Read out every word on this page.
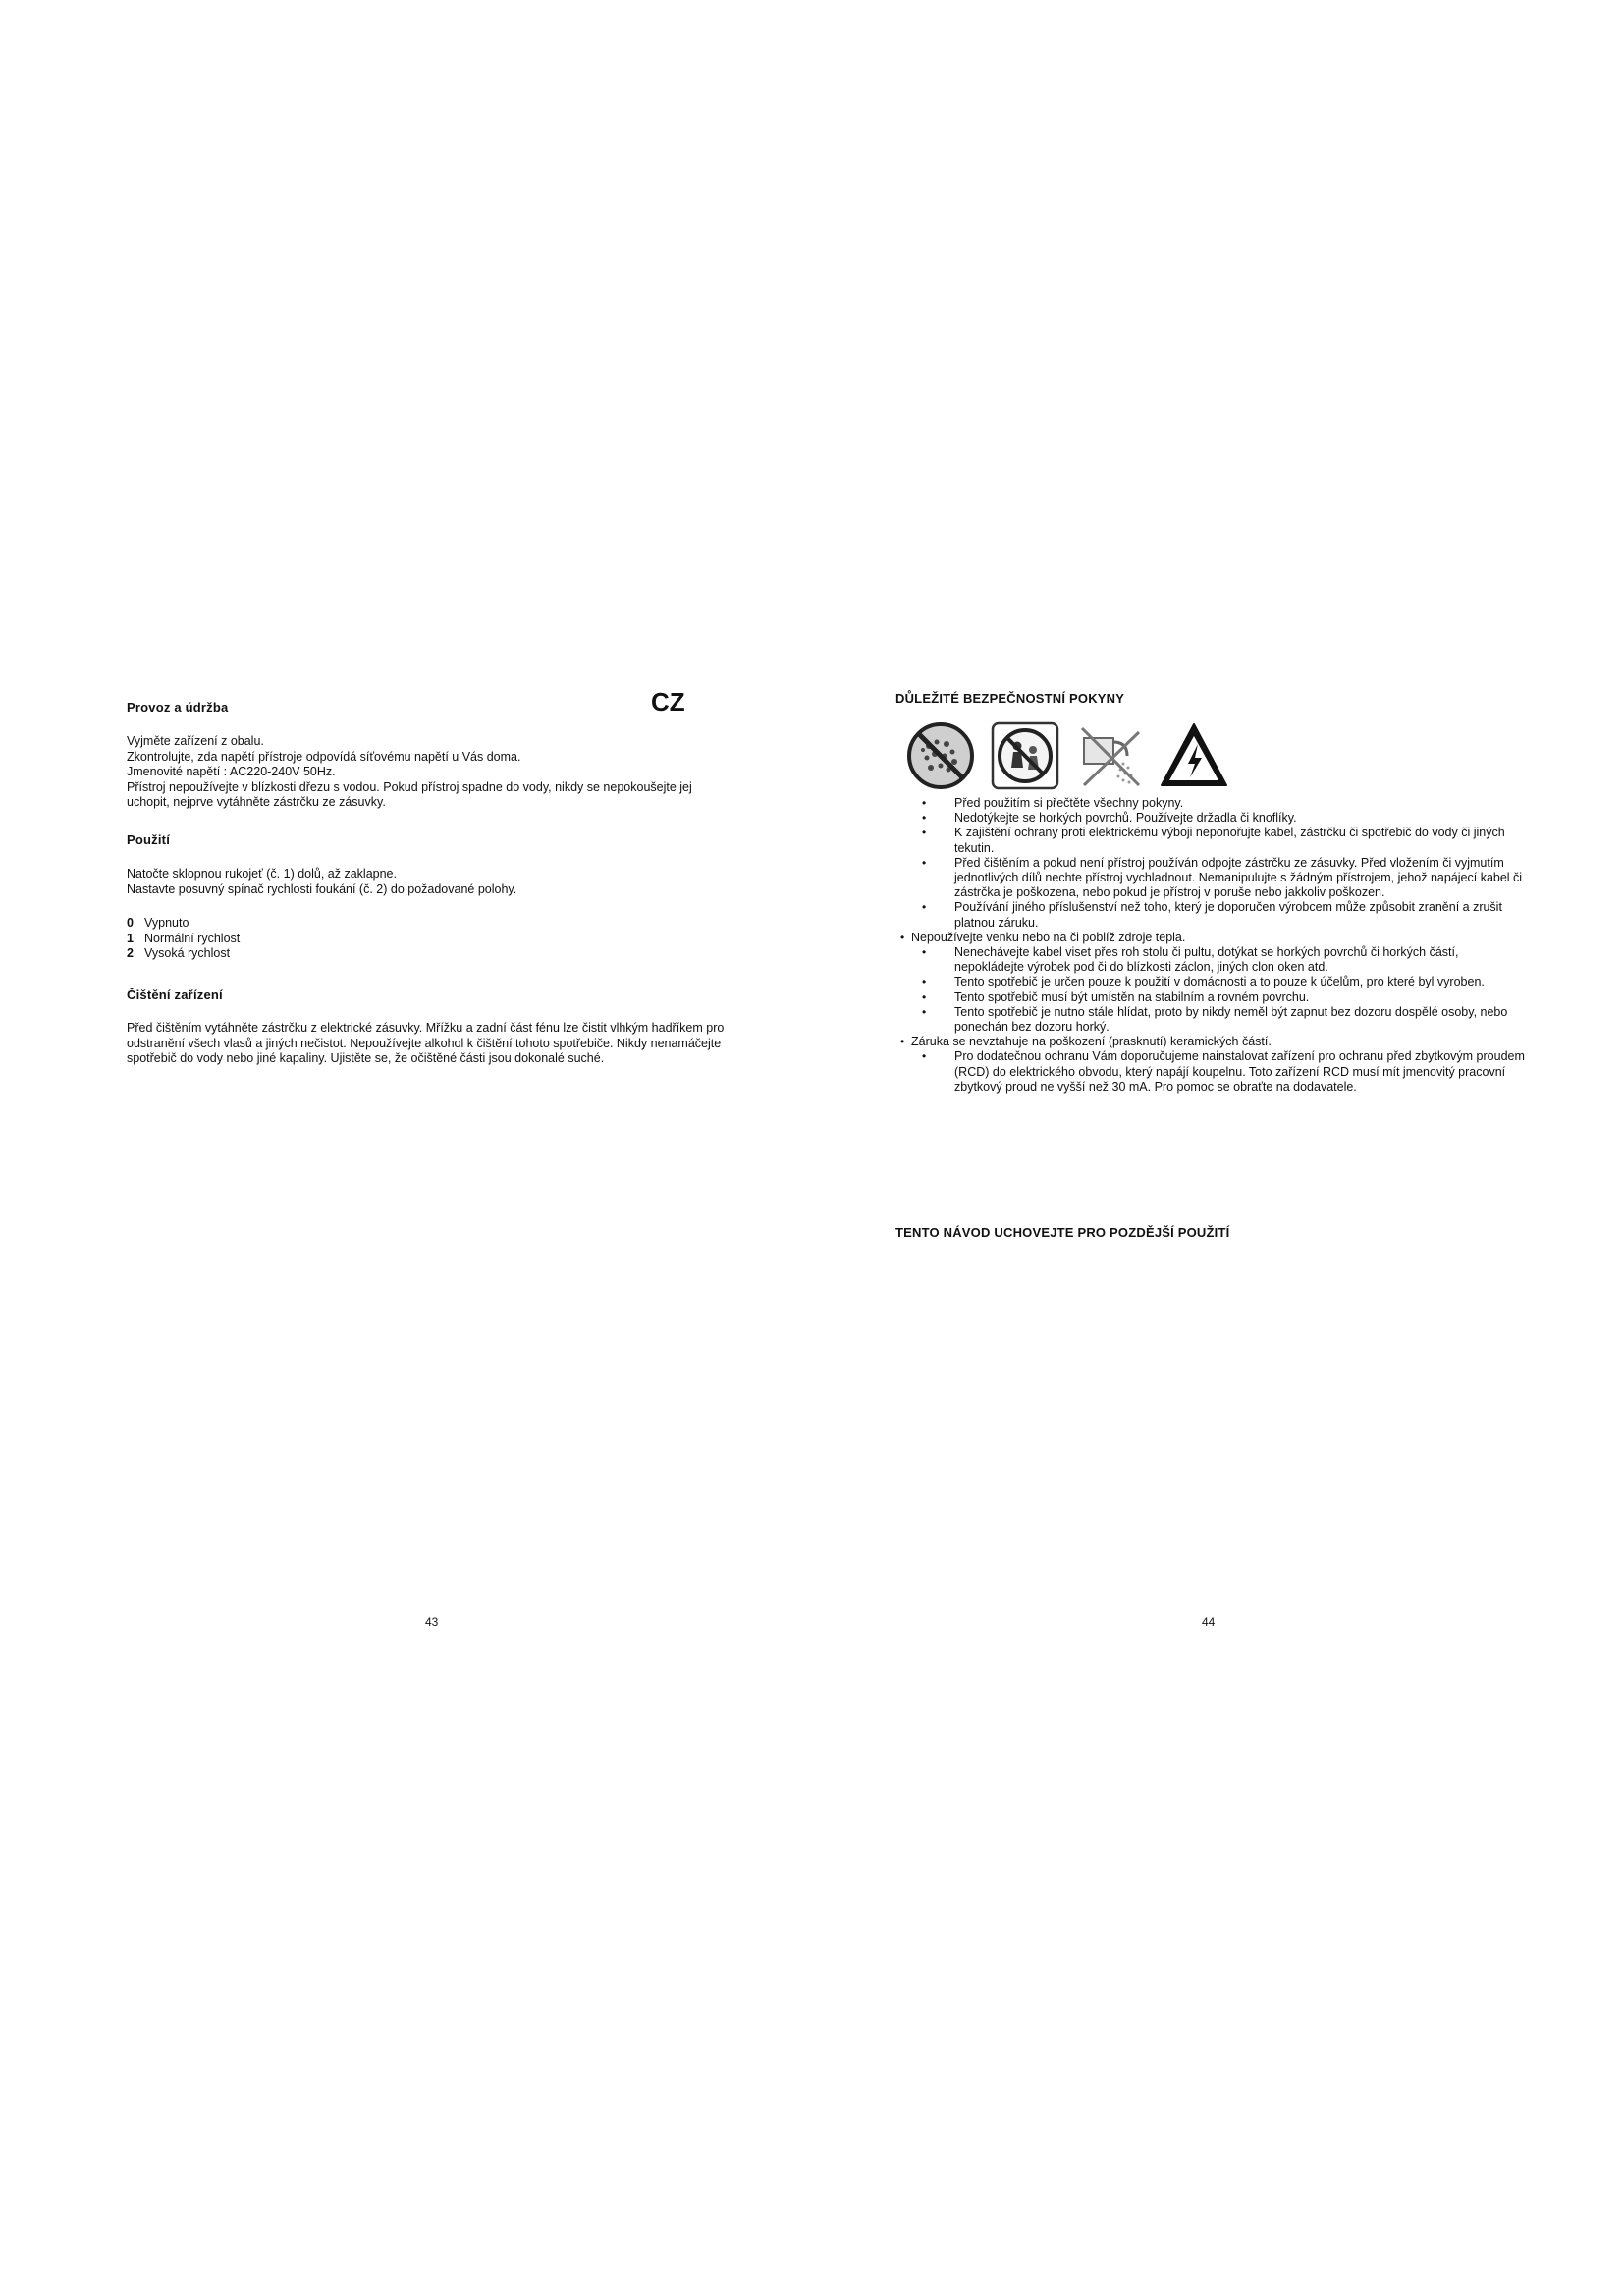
Provoz a údržba	CZ

Vyjměte zařízení z obalu.

Zkontrolujte, zda napětí přístroje odpovídá síťovému napětí u Vás doma.

Jmenovité napětí : AC220-240V 50Hz.

Přístroj nepoužívejte v blízkosti dřezu s vodou. Pokud přístroj spadne do vody, nikdy se nepokoušejte jej uchopit, nejprve vytáhněte zástrčku ze zásuvky.

Použití

Natočte sklopnou rukojeť (č. 1) dolů, až zaklapne.

Nastavte posuvný spínač rychlosti foukání (č. 2) do požadované polohy.

0 Vypnuto
1 Normální rychlost
2 Vysoká rychlost
Čištění zařízení

Před čištěním vytáhněte zástrčku z elektrické zásuvky. Mřížku a zadní část fénu lze čistit vlhkým hadříkem pro odstranění všech vlasů a jiných nečistot. Nepoužívejte alkohol k čištění tohoto spotřebiče. Nikdy nenamáčejte spotřebič do vody nebo jiné kapaliny. Ujistěte se, že očištěné části jsou dokonalé suché.

43
DŮLEŽITÉ BEZPEČNOSTNÍ POKYNY
• Před použitím si přečtěte všechny pokyny.
• Nedotýkejte se horkých povrchů. Používejte držadla či knoflíky.
• K zajištění ochrany proti elektrickému výboji neponořujte kabel, zástrčku či spotřebič do vody či jiných tekutin.
• Před čištěním a pokud není přístroj používán odpojte zástrčku ze zásuvky. Před vložením či vyjmutím jednotlivých dílů nechte přístroj vychladnout. Nemanipulujte s žádným přístrojem, jehož napájecí kabel či zástrčka je poškozena, nebo pokud je přístroj v poruše nebo jakkoliv poškozen.
• Používání jiného příslušenství než toho, který je doporučen výrobcem může způsobit zranění a zrušit platnou záruku.
• Nepoužívejte venku nebo na či poblíž zdroje tepla.
• Nenechávejte kabel viset přes roh stolu či pultu, dotýkat se horkých povrchů či horkých částí, nepokládejte výrobek pod či do blízkosti záclon, jiných clon oken atd.
• Tento spotřebič je určen pouze k použití v domácnosti a to pouze k účelům, pro které byl vyroben.
• Tento spotřebič musí být umístěn na stabilním a rovném povrchu.
• Tento spotřebič je nutno stále hlídat, proto by nikdy neměl být zapnut bez dozoru dospělé osoby, nebo ponechán bez dozoru horký.
• Záruka se nevztahuje na poškození (prasknutí) keramických částí.
• Pro dodatečnou ochranu Vám doporučujeme nainstalovat zařízení pro ochranu před zbytkovým proudem (RCD) do elektrického obvodu, který napájí koupelnu. Toto zařízení RCD musí mít jmenovitý pracovní zbytkový proud ne vyšší než 30 mA. Pro pomoc se obraťte na dodavatele.
TENTO NÁVOD UCHOVEJTE PRO POZDĚJŠÍ POUŽITÍ
44
